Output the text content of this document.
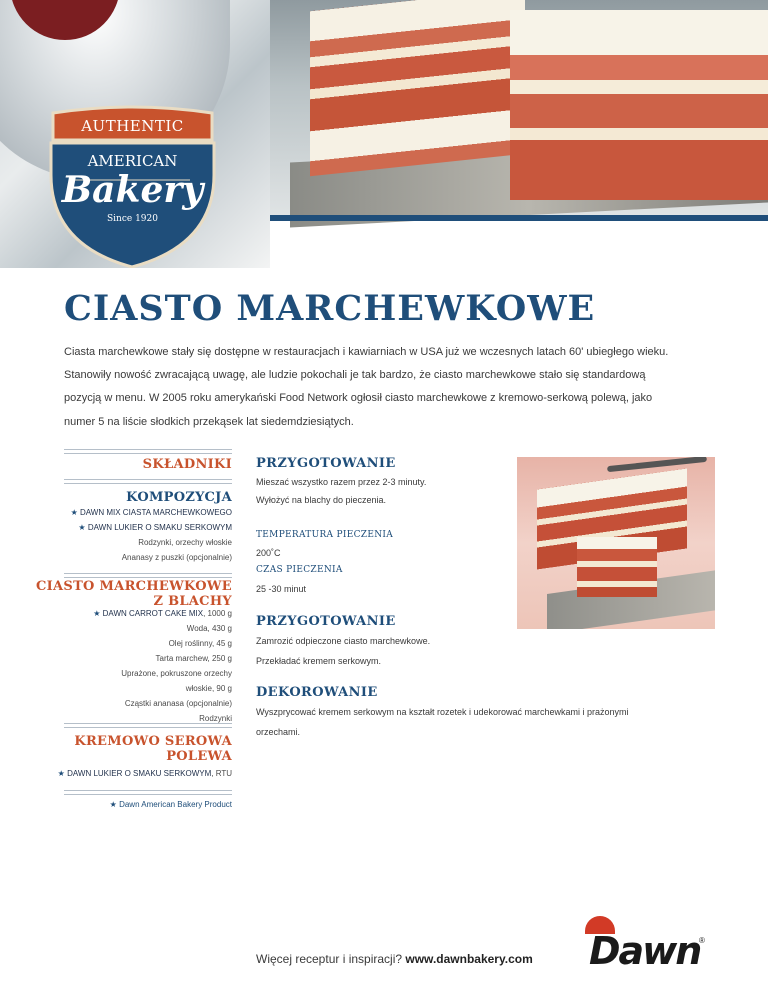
AUTHENTIC
AMERICAN
Bakery
Since 1920
CIASTO MARCHEWKOWE
Ciasta marchewkowe stały się dostępne w restauracjach i kawiarniach w USA już we wczesnych latach 60' ubiegłego wieku.
Stanowiły nowość zwracającą uwagę, ale ludzie pokochali je tak bardzo, że ciasto marchewkowe stało się standardową
pozycją w menu. W 2005 roku amerykański Food Network ogłosił ciasto marchewkowe z kremowo-serkową polewą, jako
numer 5 na liście słodkich przekąsek lat siedemdziesiątych.
SKŁADNIKI
KOMPOZYCJA
★ DAWN MIX CIASTA MARCHEWKOWEGO
★ DAWN LUKIER O SMAKU SERKOWYM
Rodzynki, orzechy włoskie
Ananasy z puszki (opcjonalnie)
CIASTO MARCHEWKOWE
Z BLACHY
★ DAWN CARROT CAKE MIX, 1000 g
Woda, 430 g
Olej roślinny, 45 g
Tarta marchew, 250 g
Uprażone, pokruszone orzechy
włoskie, 90 g
Cząstki ananasa (opcjonalnie)
Rodzynki
KREMOWO SEROWA
POLEWA
★ DAWN LUKIER O SMAKU SERKOWYM, RTU
★ Dawn American Bakery Product
PRZYGOTOWANIE
Mieszać wszystko razem przez 2-3 minuty.
Wyłożyć na blachy do pieczenia.
TEMPERATURA PIECZENIA
200˚C
CZAS PIECZENIA
25 -30 minut
PRZYGOTOWANIE
Zamrozić odpieczone ciasto marchewkowe.
Przekładać kremem serkowym.
DEKOROWANIE
Wyszprycować kremem serkowym na kształt rozetek i udekorować marchewkami i prażonymi
orzechami.
Więcej receptur i inspiracji? www.dawnbakery.com Dawn
®
